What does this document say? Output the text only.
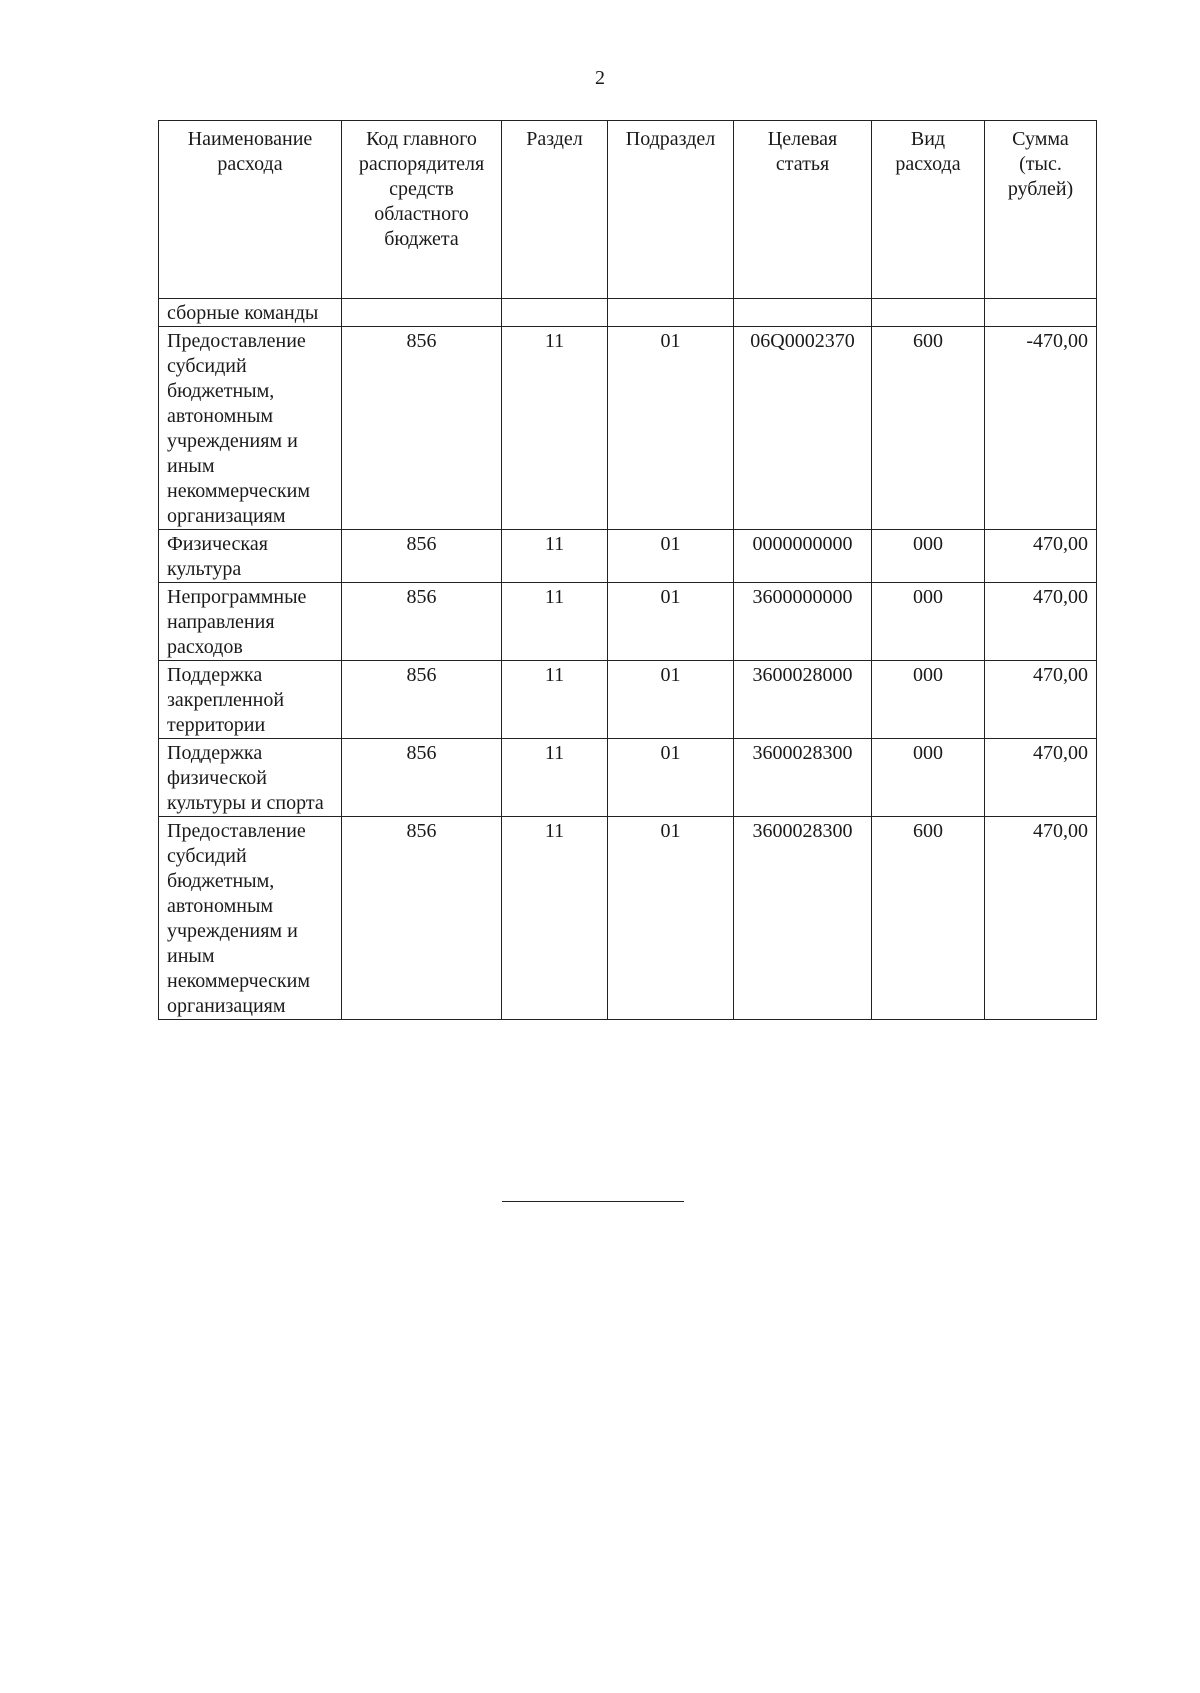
2
Наименование расхода	Код главного распорядителя средств областного бюджета	Раздел	Подраздел	Целевая статья	Вид расхода	Сумма (тыс. рублей)
сборные команды						
Предоставление субсидий бюджетным, автономным учреждениям и иным некоммерческим организациям	856	11	01	06Q0002370	600	-470,00
Физическая культура	856	11	01	0000000000	000	470,00
Непрограммные направления расходов	856	11	01	3600000000	000	470,00
Поддержка закрепленной территории	856	11	01	3600028000	000	470,00
Поддержка физической культуры и спорта	856	11	01	3600028300	000	470,00
Предоставление субсидий бюджетным, автономным учреждениям и иным некоммерческим организациям	856	11	01	3600028300	600	470,00
